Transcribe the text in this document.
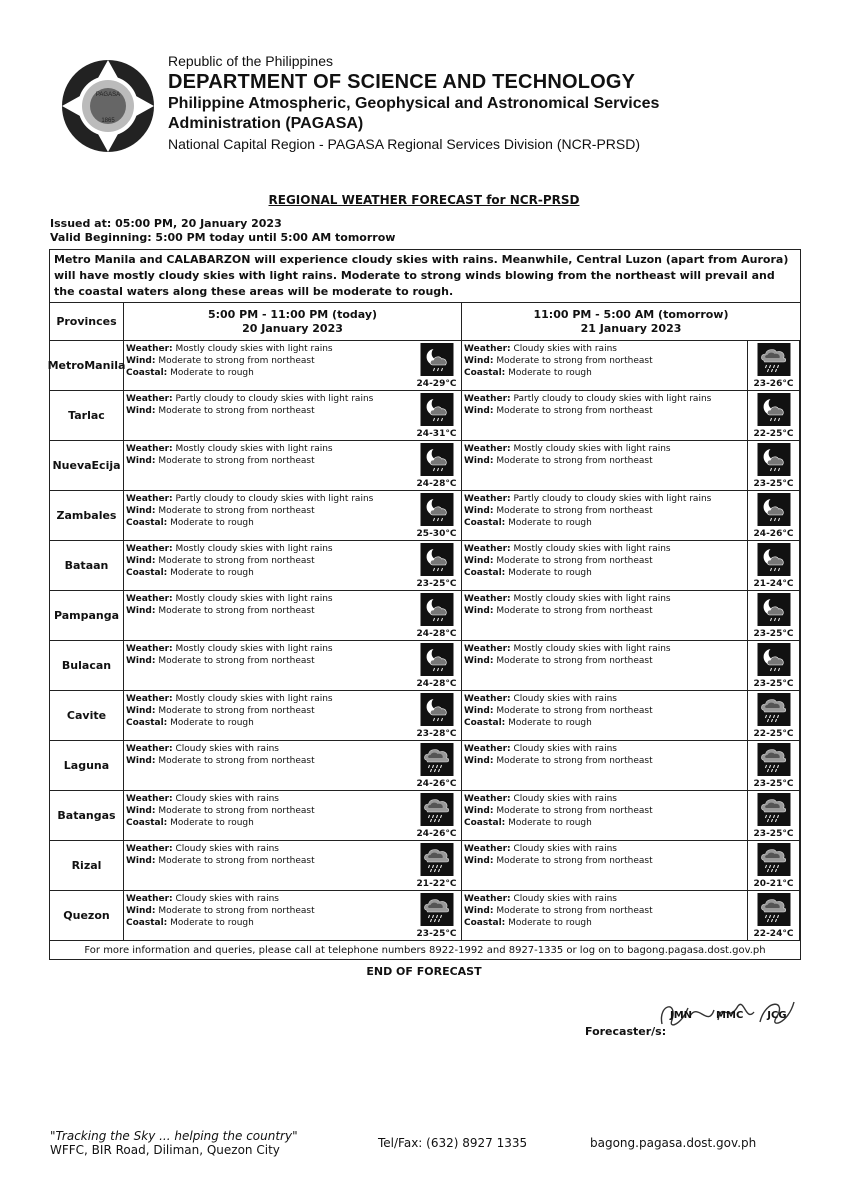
PAGASA
1865
Republic of the Philippines
DEPARTMENT OF SCIENCE AND TECHNOLOGY
Philippine Atmospheric, Geophysical and Astronomical Services
Administration (PAGASA)
National Capital Region - PAGASA Regional Services Division (NCR-PRSD)
REGIONAL WEATHER FORECAST for NCR-PRSD
Issued at: 05:00 PM, 20 January 2023
Valid Beginning: 5:00 PM today until 5:00 AM tomorrow
Metro Manila and CALABARZON will experience cloudy skies with rains. Meanwhile, Central Luzon (apart from Aurora) will have mostly cloudy skies with light rains. Moderate to strong winds blowing from the northeast will prevail and the coastal waters along these areas will be moderate to rough.
Provinces
5:00 PM - 11:00 PM (today)
20 January 2023
11:00 PM - 5:00 AM (tomorrow)
21 January 2023
MetroManila
Weather: Mostly cloudy skies with light rains
Wind: Moderate to strong from northeast
Coastal: Moderate to rough
24-29°C
Weather: Cloudy skies with rains
Wind: Moderate to strong from northeast
Coastal: Moderate to rough
23-26°C
Tarlac
Weather: Partly cloudy to cloudy skies with light rains
Wind: Moderate to strong from northeast
24-31°C
Weather: Partly cloudy to cloudy skies with light rains
Wind: Moderate to strong from northeast
22-25°C
NuevaEcija
Weather: Mostly cloudy skies with light rains
Wind: Moderate to strong from northeast
24-28°C
Weather: Mostly cloudy skies with light rains
Wind: Moderate to strong from northeast
23-25°C
Zambales
Weather: Partly cloudy to cloudy skies with light rains
Wind: Moderate to strong from northeast
Coastal: Moderate to rough
25-30°C
Weather: Partly cloudy to cloudy skies with light rains
Wind: Moderate to strong from northeast
Coastal: Moderate to rough
24-26°C
Bataan
Weather: Mostly cloudy skies with light rains
Wind: Moderate to strong from northeast
Coastal: Moderate to rough
23-25°C
Weather: Mostly cloudy skies with light rains
Wind: Moderate to strong from northeast
Coastal: Moderate to rough
21-24°C
Pampanga
Weather: Mostly cloudy skies with light rains
Wind: Moderate to strong from northeast
24-28°C
Weather: Mostly cloudy skies with light rains
Wind: Moderate to strong from northeast
23-25°C
Bulacan
Weather: Mostly cloudy skies with light rains
Wind: Moderate to strong from northeast
24-28°C
Weather: Mostly cloudy skies with light rains
Wind: Moderate to strong from northeast
23-25°C
Cavite
Weather: Mostly cloudy skies with light rains
Wind: Moderate to strong from northeast
Coastal: Moderate to rough
23-28°C
Weather: Cloudy skies with rains
Wind: Moderate to strong from northeast
Coastal: Moderate to rough
22-25°C
Laguna
Weather: Cloudy skies with rains
Wind: Moderate to strong from northeast
24-26°C
Weather: Cloudy skies with rains
Wind: Moderate to strong from northeast
23-25°C
Batangas
Weather: Cloudy skies with rains
Wind: Moderate to strong from northeast
Coastal: Moderate to rough
24-26°C
Weather: Cloudy skies with rains
Wind: Moderate to strong from northeast
Coastal: Moderate to rough
23-25°C
Rizal
Weather: Cloudy skies with rains
Wind: Moderate to strong from northeast
21-22°C
Weather: Cloudy skies with rains
Wind: Moderate to strong from northeast
20-21°C
Quezon
Weather: Cloudy skies with rains
Wind: Moderate to strong from northeast
Coastal: Moderate to rough
23-25°C
Weather: Cloudy skies with rains
Wind: Moderate to strong from northeast
Coastal: Moderate to rough
22-24°C
For more information and queries, please call at telephone numbers 8922-1992 and 8927-1335 or log on to bagong.pagasa.dost.gov.ph
END OF FORECAST
JMN MMC JCG
Forecaster/s:
"Tracking the Sky ... helping the country"
WFFC, BIR Road, Diliman, Quezon City	Tel/Fax: (632) 8927 1335	bagong.pagasa.dost.gov.ph
